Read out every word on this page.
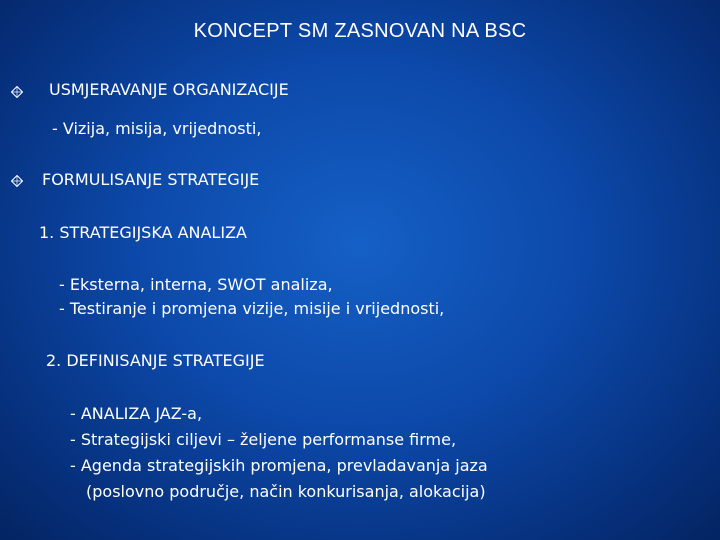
KONCEPT SM ZASNOVAN NA BSC
USMJERAVANJE ORGANIZACIJE
- Vizija, misija, vrijednosti,
FORMULISANJE STRATEGIJE
1. STRATEGIJSKA ANALIZA
- Eksterna, interna, SWOT analiza,
- Testiranje i promjena vizije, misije i vrijednosti,
2. DEFINISANJE STRATEGIJE
- ANALIZA JAZ-a,
- Strategijski ciljevi – željene performanse firme,
- Agenda strategijskih promjena, prevladavanja jaza
(poslovno područje, način konkurisanja, alokacija)
